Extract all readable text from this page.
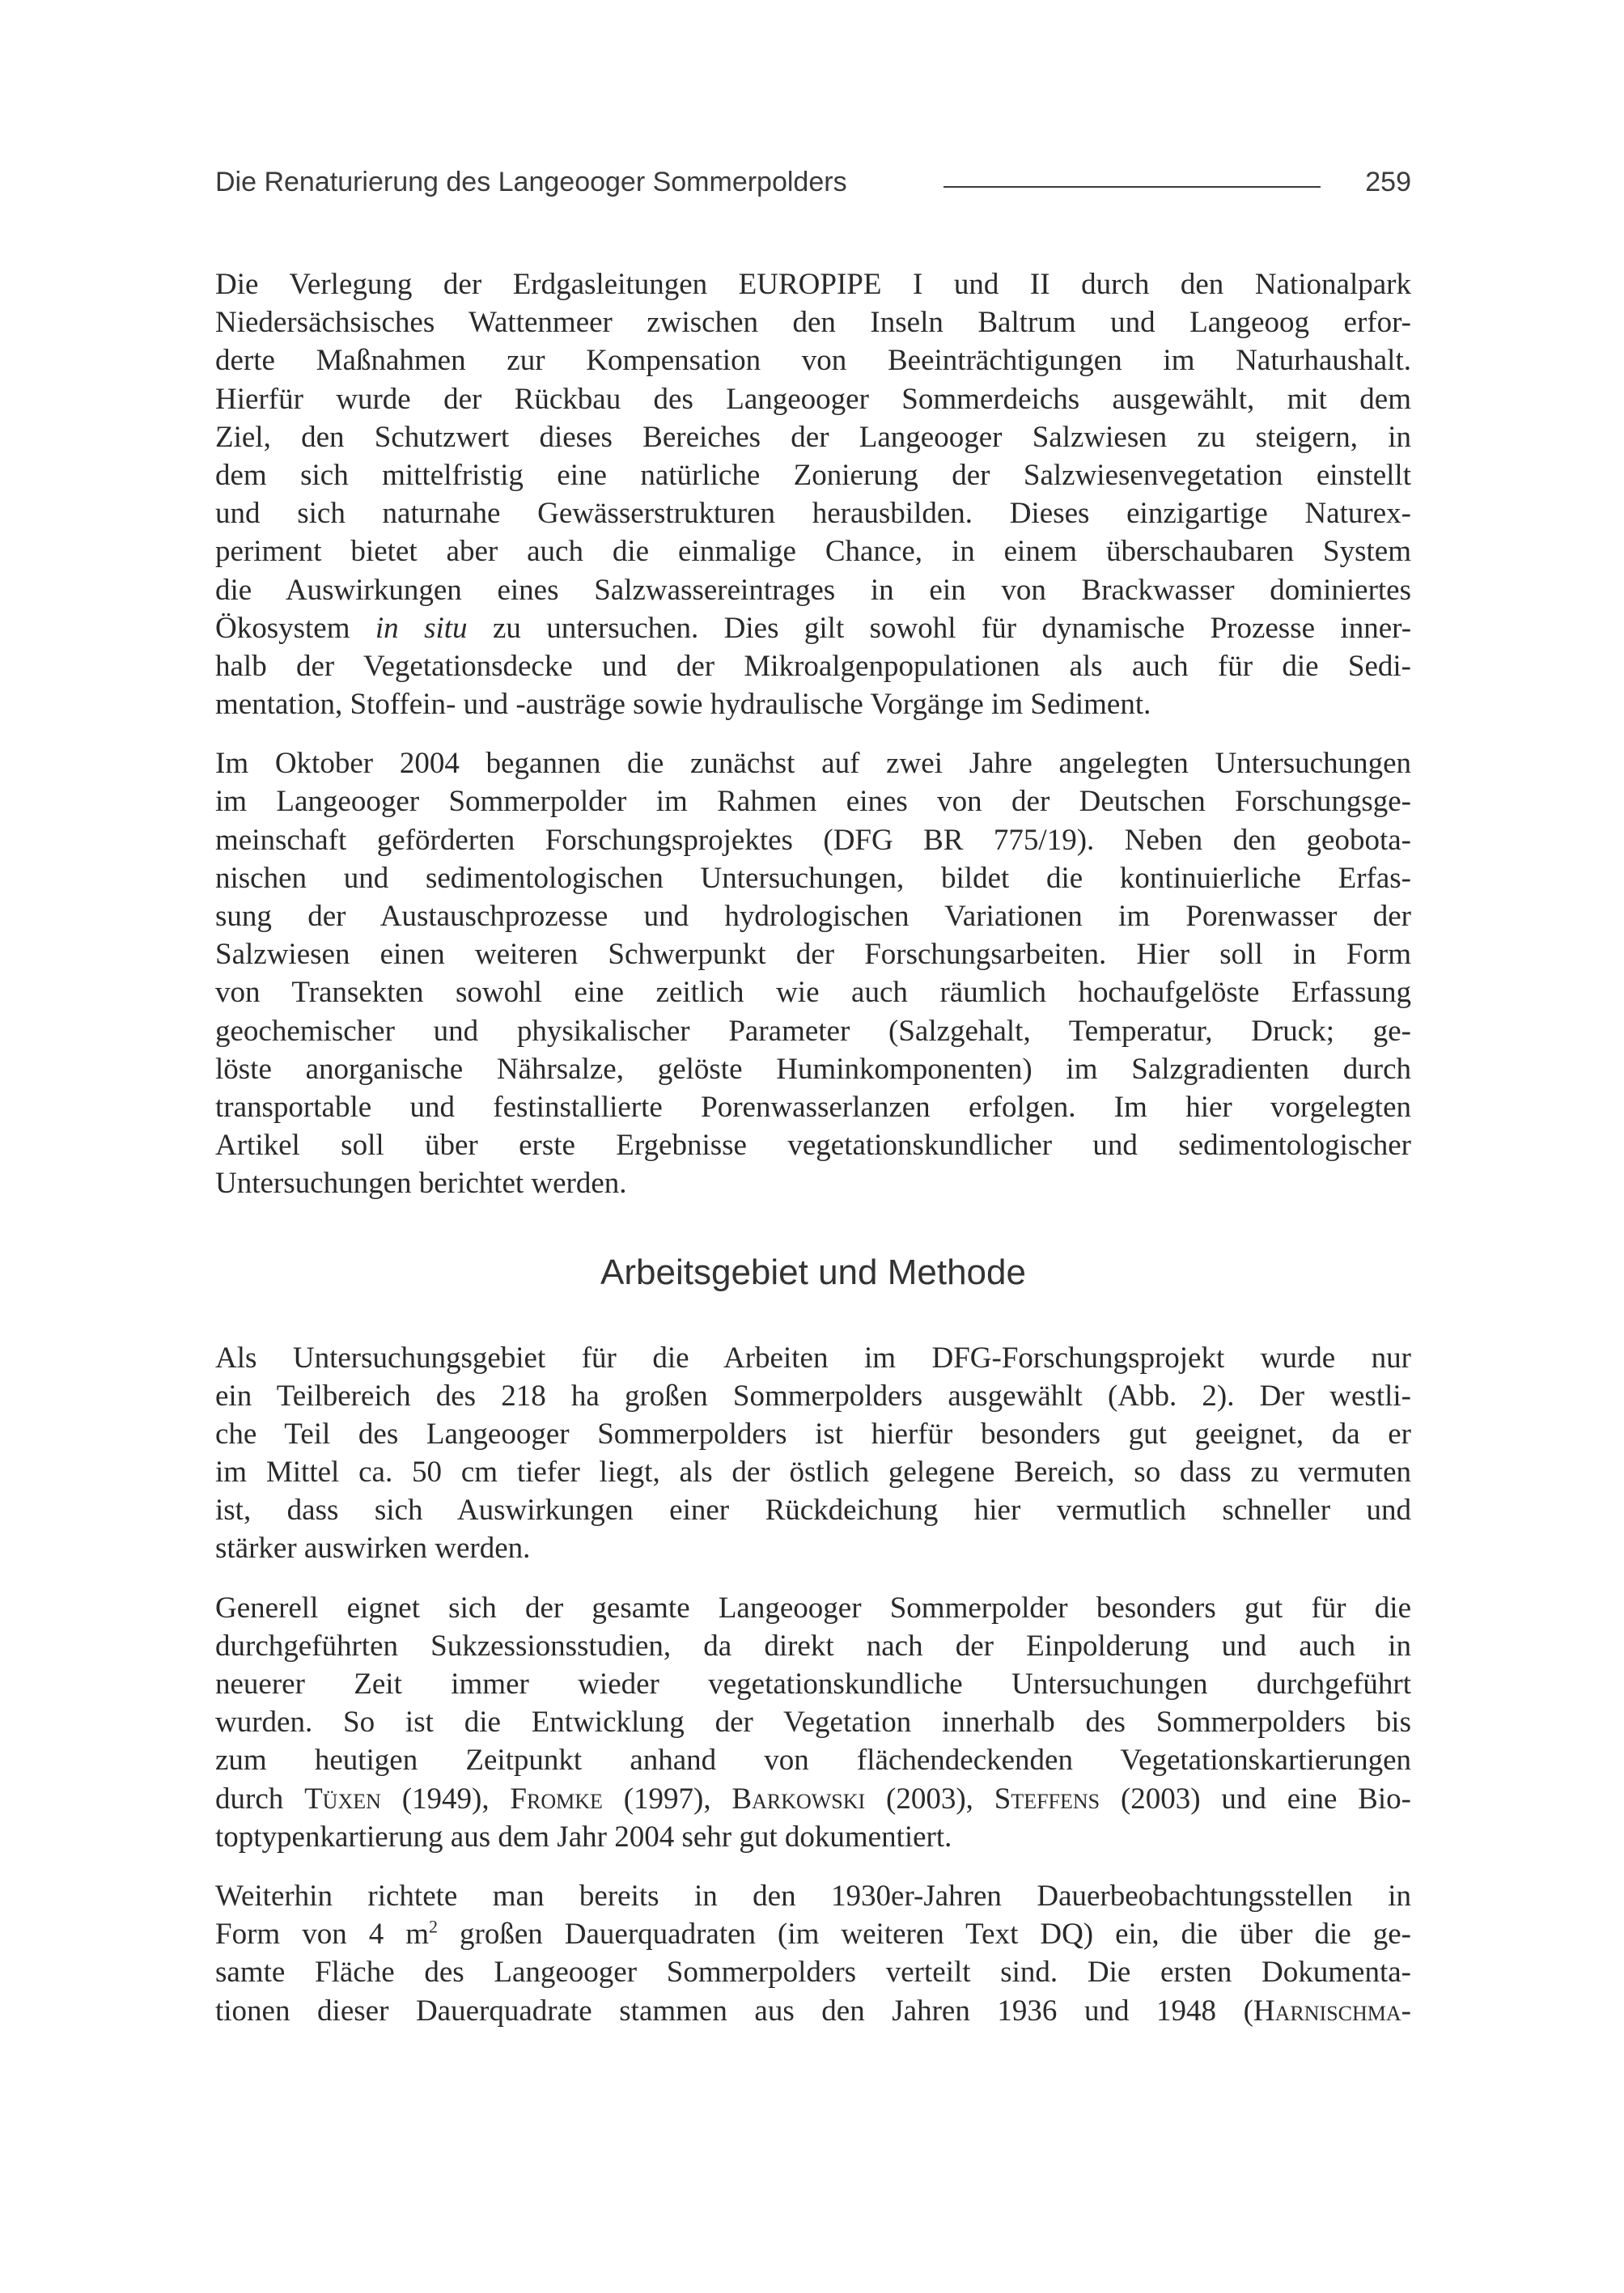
Die Renaturierung des Langeooger Sommerpolders	259
Die Verlegung der Erdgasleitungen EUROPIPE I und II durch den Nationalpark
Niedersächsisches Wattenmeer zwischen den Inseln Baltrum und Langeoog erfor-
derte Maßnahmen zur Kompensation von Beeinträchtigungen im Naturhaushalt.
Hierfür wurde der Rückbau des Langeooger Sommerdeichs ausgewählt, mit dem
Ziel, den Schutzwert dieses Bereiches der Langeooger Salzwiesen zu steigern, in
dem sich mittelfristig eine natürliche Zonierung der Salzwiesenvegetation einstellt
und sich naturnahe Gewässerstrukturen herausbilden. Dieses einzigartige Naturex-
periment bietet aber auch die einmalige Chance, in einem überschaubaren System
die Auswirkungen eines Salzwassereintrages in ein von Brackwasser dominiertes
Ökosystem in situ zu untersuchen. Dies gilt sowohl für dynamische Prozesse inner-
halb der Vegetationsdecke und der Mikroalgenpopulationen als auch für die Sedi-
mentation, Stoffein- und -austräge sowie hydraulische Vorgänge im Sediment.
Im Oktober 2004 begannen die zunächst auf zwei Jahre angelegten Untersuchungen
im Langeooger Sommerpolder im Rahmen eines von der Deutschen Forschungsge-
meinschaft geförderten Forschungsprojektes (DFG BR 775/19). Neben den geobota-
nischen und sedimentologischen Untersuchungen, bildet die kontinuierliche Erfas-
sung der Austauschprozesse und hydrologischen Variationen im Porenwasser der
Salzwiesen einen weiteren Schwerpunkt der Forschungsarbeiten. Hier soll in Form
von Transekten sowohl eine zeitlich wie auch räumlich hochaufgelöste Erfassung
geochemischer und physikalischer Parameter (Salzgehalt, Temperatur, Druck; ge-
löste anorganische Nährsalze, gelöste Huminkomponenten) im Salzgradienten durch
transportable und festinstallierte Porenwasserlanzen erfolgen. Im hier vorgelegten
Artikel soll über erste Ergebnisse vegetationskundlicher und sedimentologischer
Untersuchungen berichtet werden.
Arbeitsgebiet und Methode
Als Untersuchungsgebiet für die Arbeiten im DFG-Forschungsprojekt wurde nur
ein Teilbereich des 218 ha großen Sommerpolders ausgewählt (Abb. 2). Der westli-
che Teil des Langeooger Sommerpolders ist hierfür besonders gut geeignet, da er
im Mittel ca. 50 cm tiefer liegt, als der östlich gelegene Bereich, so dass zu vermuten
ist, dass sich Auswirkungen einer Rückdeichung hier vermutlich schneller und
stärker auswirken werden.
Generell eignet sich der gesamte Langeooger Sommerpolder besonders gut für die
durchgeführten Sukzessionsstudien, da direkt nach der Einpolderung und auch in
neuerer Zeit immer wieder vegetationskundliche Untersuchungen durchgeführt
wurden. So ist die Entwicklung der Vegetation innerhalb des Sommerpolders bis
zum heutigen Zeitpunkt anhand von flächendeckenden Vegetationskartierungen
durch Tüxen (1949), Fromke (1997), Barkowski (2003), Steffens (2003) und eine Bio-
toptypenkartierung aus dem Jahr 2004 sehr gut dokumentiert.
Weiterhin richtete man bereits in den 1930er-Jahren Dauerbeobachtungsstellen in
Form von 4 $m^2$ großen Dauerquadraten (im weiteren Text DQ) ein, die über die ge-
samte Fläche des Langeooger Sommerpolders verteilt sind. Die ersten Dokumenta-
tionen dieser Dauerquadrate stammen aus den Jahren 1936 und 1948 (Harnischma-
